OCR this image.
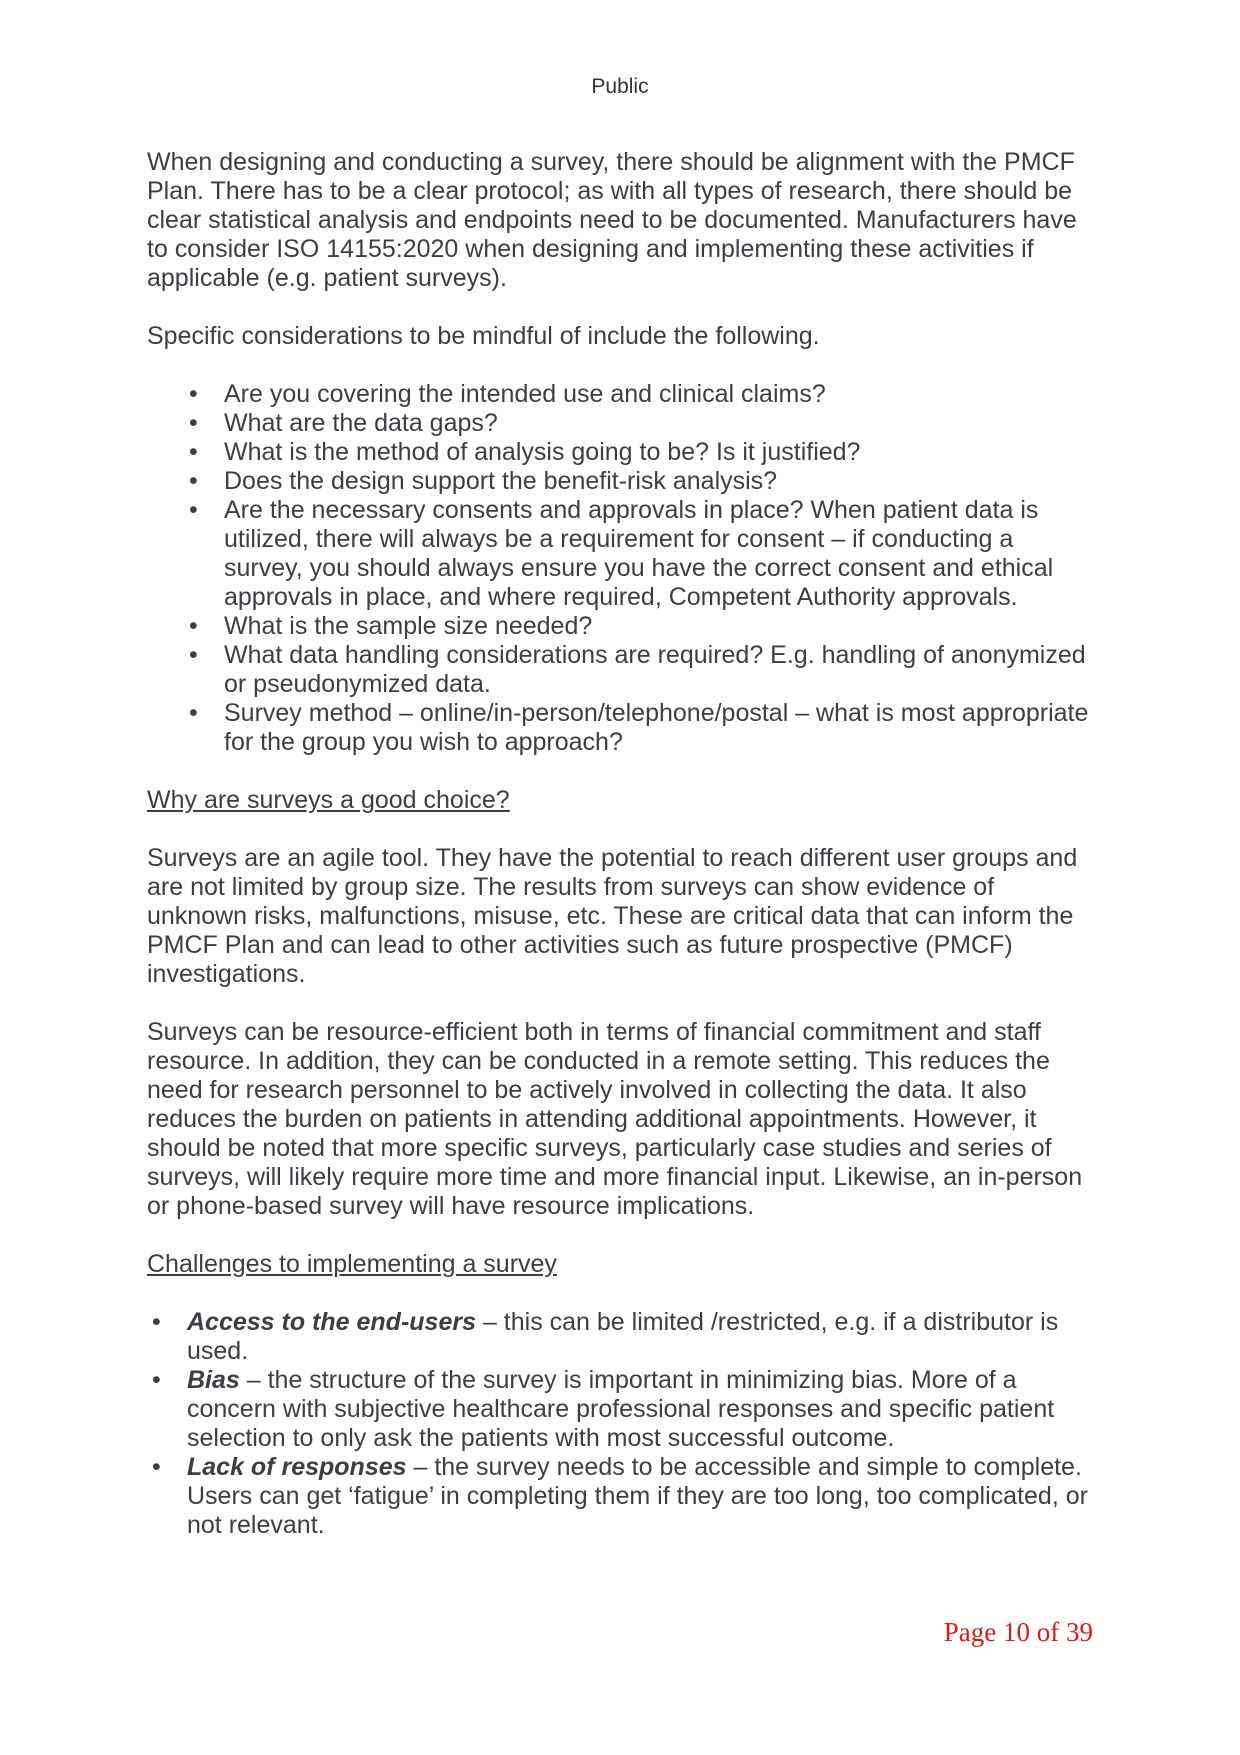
Public

When designing and conducting a survey, there should be alignment with the PMCF Plan. There has to be a clear protocol; as with all types of research, there should be clear statistical analysis and endpoints need to be documented. Manufacturers have to consider ISO 14155:2020 when designing and implementing these activities if applicable (e.g. patient surveys).

Specific considerations to be mindful of include the following.

• Are you covering the intended use and clinical claims?
• What are the data gaps?
• What is the method of analysis going to be? Is it justified?
• Does the design support the benefit-risk analysis?
• Are the necessary consents and approvals in place? When patient data is utilized, there will always be a requirement for consent – if conducting a survey, you should always ensure you have the correct consent and ethical approvals in place, and where required, Competent Authority approvals.
• What is the sample size needed?
• What data handling considerations are required? E.g. handling of anonymized or pseudonymized data.
• Survey method – online/in-person/telephone/postal – what is most appropriate for the group you wish to approach?

Why are surveys a good choice?

Surveys are an agile tool. They have the potential to reach different user groups and are not limited by group size. The results from surveys can show evidence of unknown risks, malfunctions, misuse, etc. These are critical data that can inform the PMCF Plan and can lead to other activities such as future prospective (PMCF) investigations.

Surveys can be resource-efficient both in terms of financial commitment and staff resource. In addition, they can be conducted in a remote setting. This reduces the need for research personnel to be actively involved in collecting the data. It also reduces the burden on patients in attending additional appointments. However, it should be noted that more specific surveys, particularly case studies and series of surveys, will likely require more time and more financial input. Likewise, an in-person or phone-based survey will have resource implications.

Challenges to implementing a survey

• Access to the end-users – this can be limited /restricted, e.g. if a distributor is used.
• Bias – the structure of the survey is important in minimizing bias. More of a concern with subjective healthcare professional responses and specific patient selection to only ask the patients with most successful outcome.
• Lack of responses – the survey needs to be accessible and simple to complete. Users can get ‘fatigue’ in completing them if they are too long, too complicated, or not relevant.
Page 10 of 39
